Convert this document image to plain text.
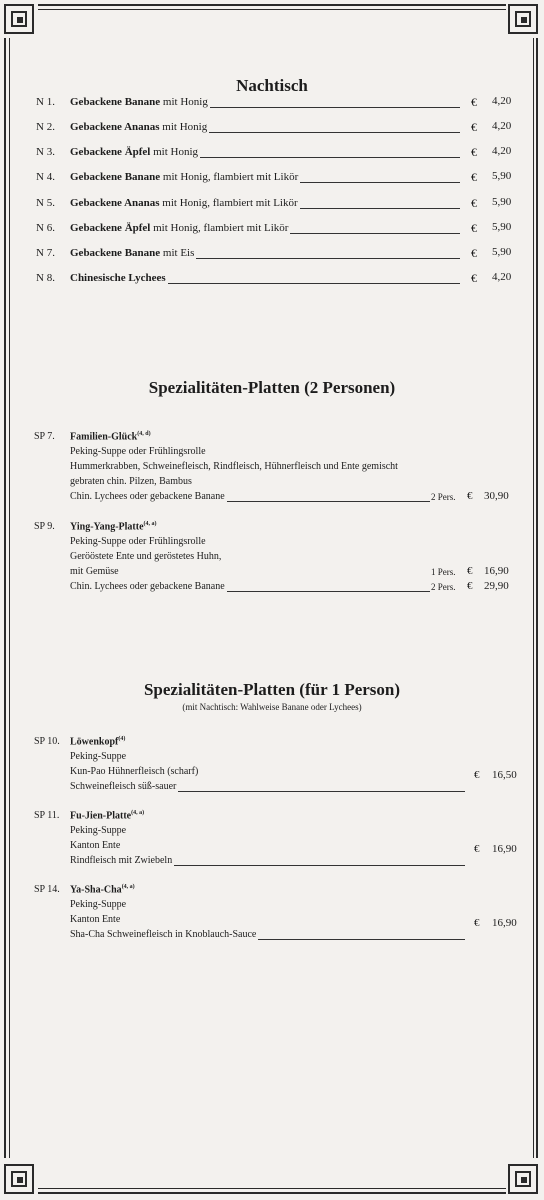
Nachtisch
N 1. Gebackene Banane mit Honig	€ 4,20
N 2. Gebackene Ananas mit Honig	€ 4,20
N 3. Gebackene Äpfel mit Honig	€ 4,20
N 4. Gebackene Banane mit Honig, flambiert mit Likör	€ 5,90
N 5. Gebackene Ananas mit Honig, flambiert mit Likör	€ 5,90
N 6. Gebackene Äpfel mit Honig, flambiert mit Likör	€ 5,90
N 7. Gebackene Banane mit Eis	€ 5,90
N 8. Chinesische Lychees	€ 4,20
Spezialitäten-Platten (2 Personen)
SP 7. Familien-Glück$^{(4, d)}$
Peking-Suppe oder Frühlingsrolle
Hummerkrabben, Schweinefleisch, Rindfleisch, Hühnerfleisch und Ente gemischt
gebraten chin. Pilzen, Bambus
Chin. Lychees oder gebackene Banane	2 Pers. € 30,90
SP 9. Ying-Yang-Platte$^{(4, a)}$
Peking-Suppe oder Frühlingsrolle
Gerööstete Ente und geröstetes Huhn,
mit Gemüse
Chin. Lychees oder gebackene Banane
1 Pers. € 16,90
2 Pers. € 29,90
Spezialitäten-Platten (für 1 Person)
(mit Nachtisch: Wahlweise Banane oder Lychees)
SP 10. Löwenkopf$^{(4)}$
Peking-Suppe
Kun-Pao Hühnerfleisch (scharf)
Schweinefleisch süß-sauer
€ 16,50
SP 11. Fu-Jien-Platte$^{(4, a)}$
Peking-Suppe
Kanton Ente
Rindfleisch mit Zwiebeln
€ 16,90
SP 14. Ya-Sha-Cha$^{(4, a)}$
Peking-Suppe
Kanton Ente
Sha-Cha Schweinefleisch in Knoblauch-Sauce
€ 16,90
